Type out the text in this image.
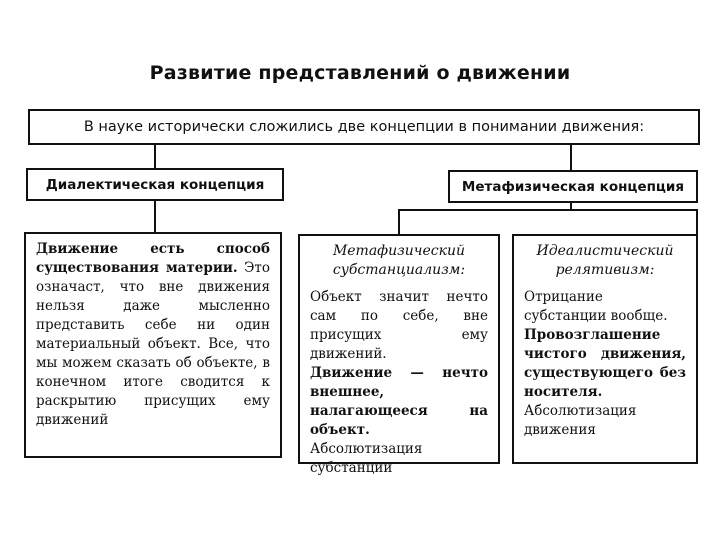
Развитие представлений о движении
В науке исторически сложились две концепции в понимании движения:
Диалектическая концепция	Метафизическая концепция

Движение есть способ существования материи. Это означаст, что вне движения нельзя даже мысленно представить себе ни один материальный объект. Все, что мы можем сказать об объекте, в конечном итоге сводится к раскрытию присущих ему движений

Метафизический
субстанциализм:

Объект значит нечто сам по себе, вне присущих ему движений.

Движение — нечто внешнее, налагающееся на объект.

Абсолютизация субстанции

Идеалистический
релятивизм:

Отрицание субстанции вообще.

Провозглашение чистого движения, существующего без носителя.

Абсолютизация движения
